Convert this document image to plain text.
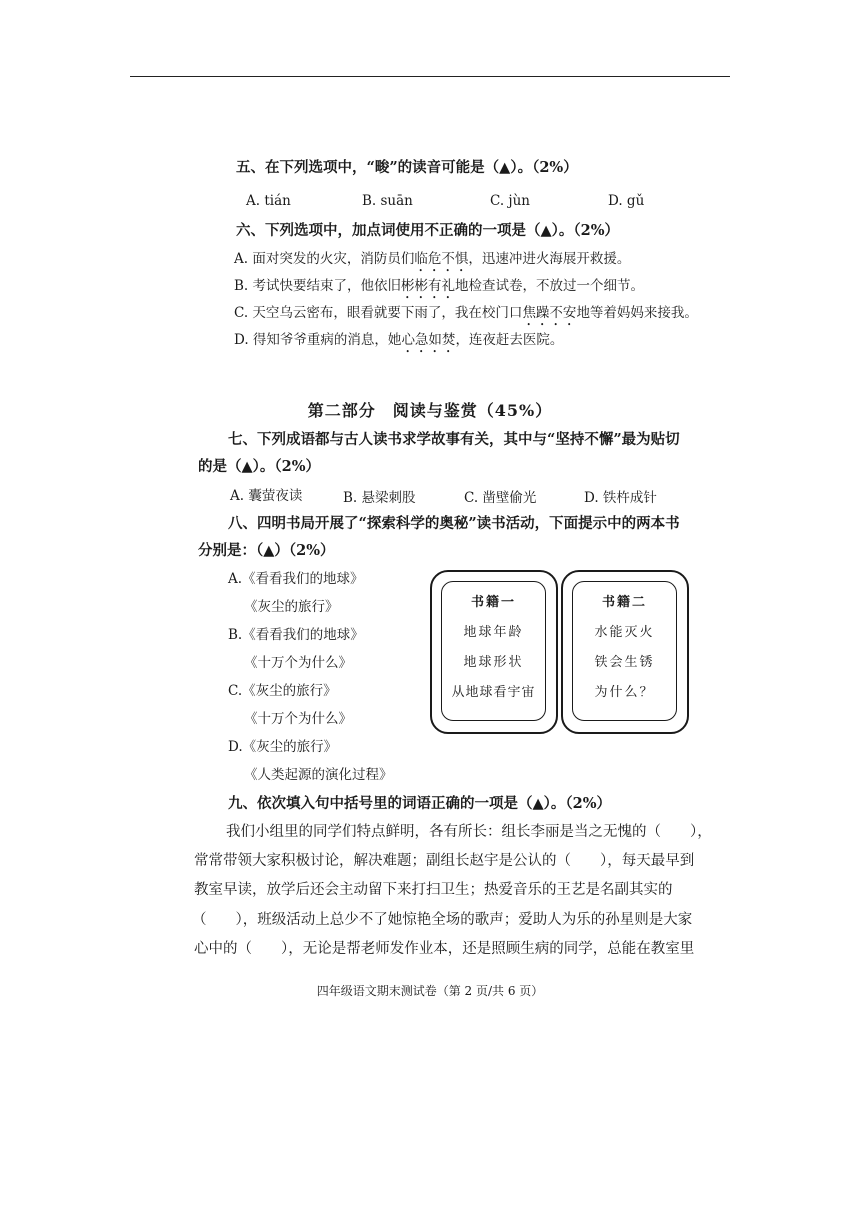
五、在下列选项中，“畯”的读音可能是（▲）。（2%）
A. tián	B. suān	C. jùn	D. gǔ
六、下列选项中，加点词使用不正确的一项是（▲）。（2%）
A. 面对突发的火灾，消防员们临危不惧，迅速冲进火海展开救援。
B. 考试快要结束了，他依旧彬彬有礼地检查试卷，不放过一个细节。
C. 天空乌云密布，眼看就要下雨了，我在校门口焦躁不安地等着妈妈来接我。
D. 得知爷爷重病的消息，她心急如焚，连夜赶去医院。
第二部分　阅读与鉴赏（45%）
七、下列成语都与古人读书求学故事有关，其中与“坚持不懈”最为贴切
的是（▲）。（2%）
A. 囊萤夜读	B. 悬梁刺股	C. 凿壁偷光	D. 铁杵成针
八、四明书局开展了“探索科学的奥秘”读书活动，下面提示中的两本书
分别是：（▲）（2%）
A.《看看我们的地球》
《灰尘的旅行》
B.《看看我们的地球》
《十万个为什么》
C.《灰尘的旅行》
《十万个为什么》
D.《灰尘的旅行》
《人类起源的演化过程》
书籍一
地球年龄
地球形状
从地球看宇宙
书籍二
水能灭火
铁会生锈
为什么？
九、依次填入句中括号里的词语正确的一项是（▲）。（2%）
我们小组里的同学们特点鲜明，各有所长：组长李丽是当之无愧的（　　），
常常带领大家积极讨论，解决难题；副组长赵宇是公认的（　　），每天最早到
教室早读，放学后还会主动留下来打扫卫生；热爱音乐的王艺是名副其实的
（　　），班级活动上总少不了她惊艳全场的歌声；爱助人为乐的孙星则是大家
心中的（　　），无论是帮老师发作业本，还是照顾生病的同学，总能在教室里
四年级语文期末测试卷（第 2 页/共 6 页）
